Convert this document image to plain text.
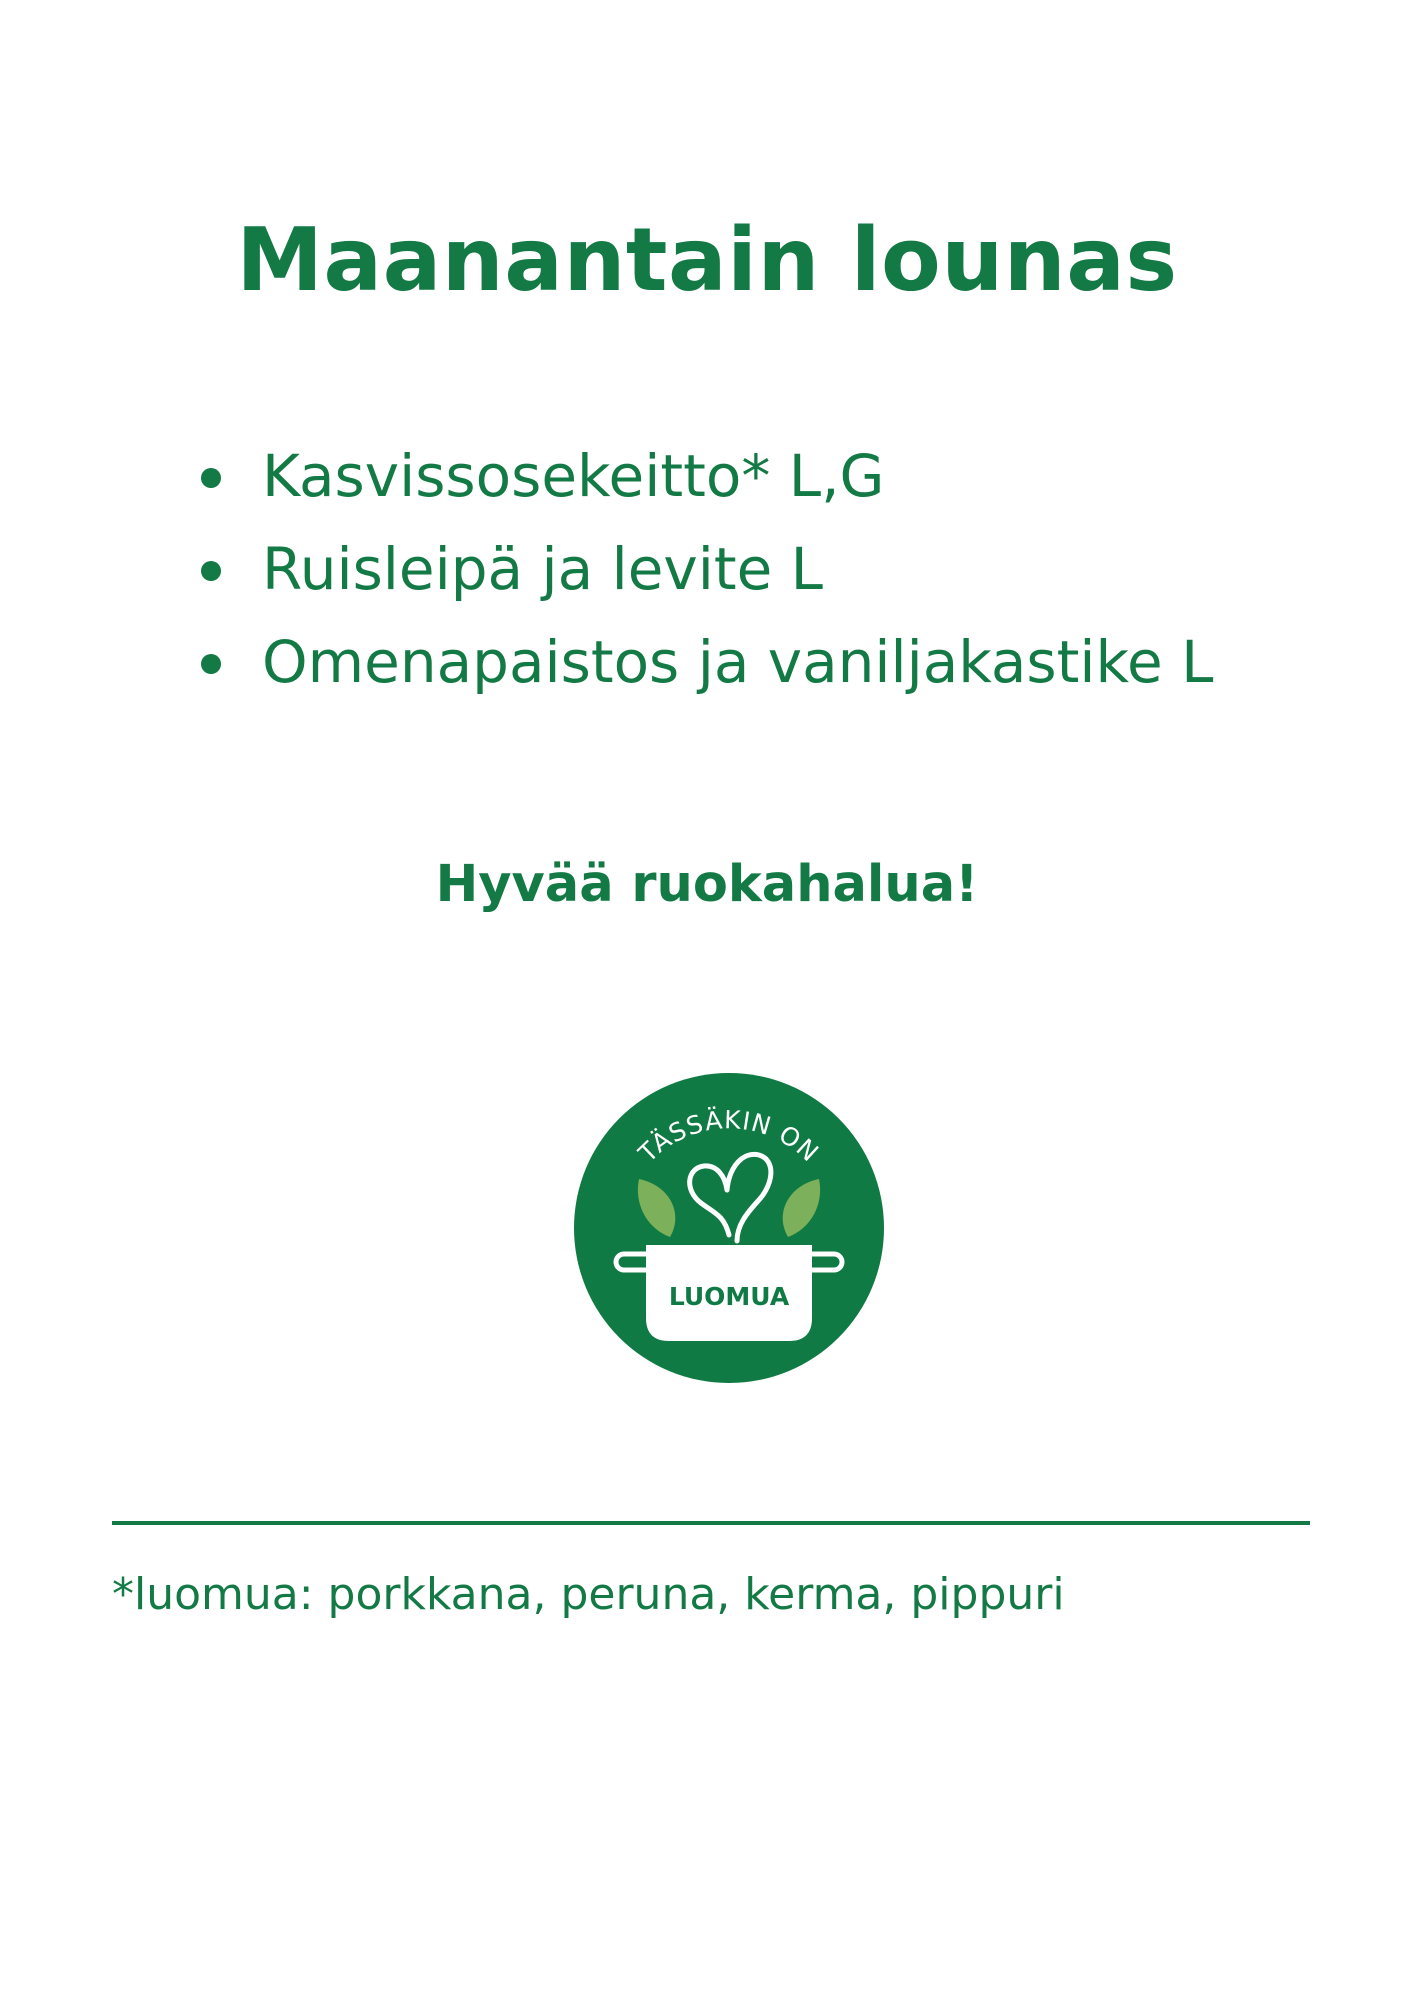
Maanantain lounas
Kasvissosekeitto* L,G
Ruisleipä ja levite L
Omenapaistos ja vaniljakastike L

Hyvää ruokahalua!

TÄSSÄKIN ON
LUOMUA
*luomua: porkkana, peruna, kerma, pippuri
